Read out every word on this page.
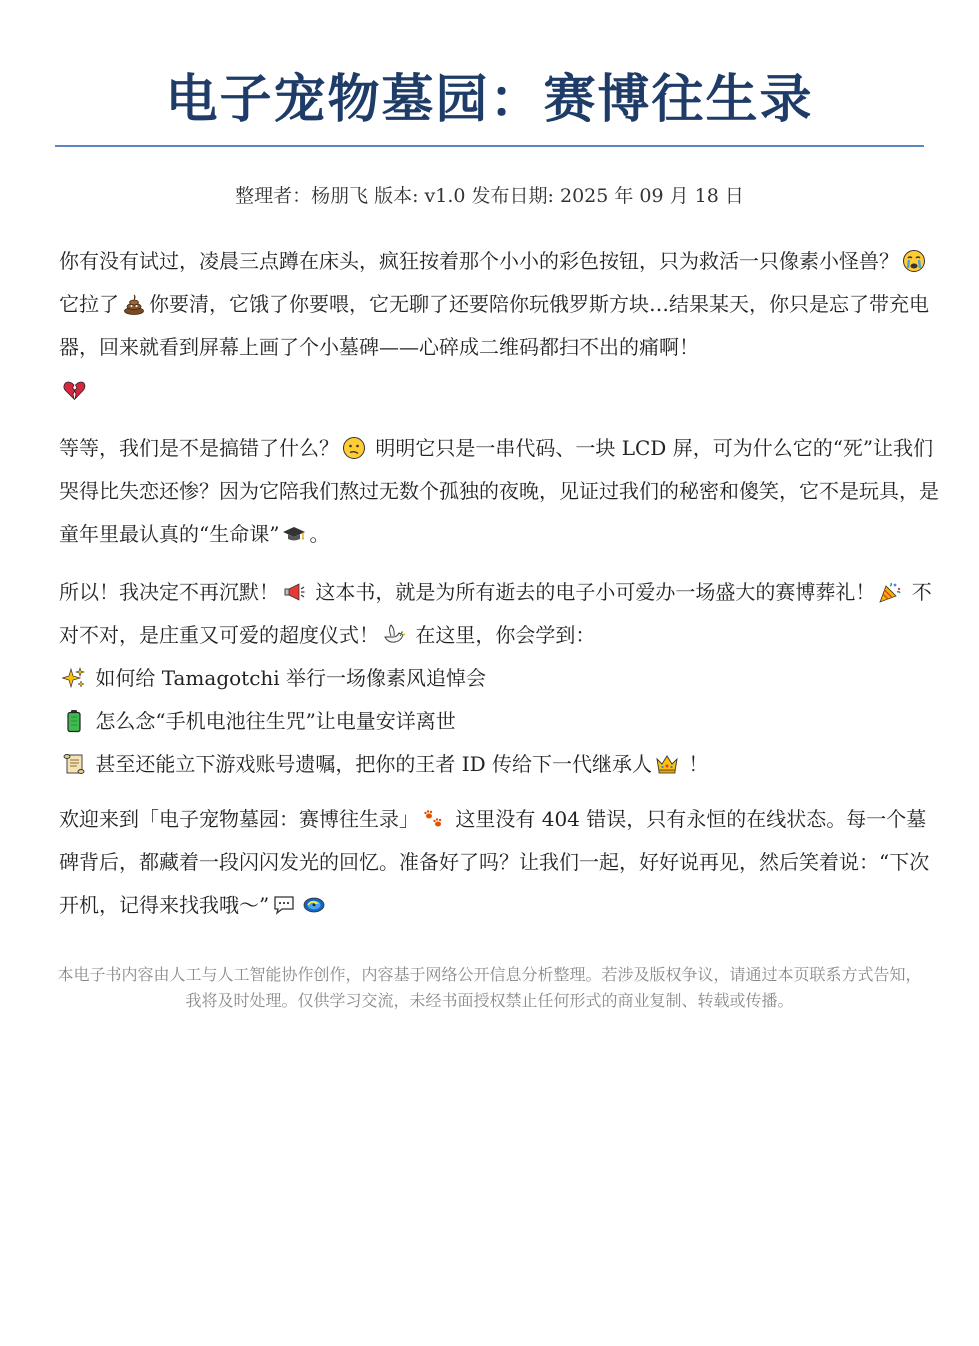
电子宠物墓园：赛博往生录
整理者：杨朋飞 版本: v1.0 发布日期: 2025 年 09 月 18 日

你有没有试过，凌晨三点蹲在床头，疯狂按着那个小小的彩色按钮，只为救活一只像素小怪兽？
它拉了 你要清，它饿了你要喂，它无聊了还要陪你玩俄罗斯方块…结果某天，你只是忘了带充电器，回来就看到屏幕上画了个小墓碑——心碎成二维码都扫不出的痛啊！

等等，我们是不是搞错了什么？
明明它只是一串代码、一块 LCD 屏，可为什么它的“死”让我们哭得比失恋还惨？因为它陪我们熬过无数个孤独的夜晚，见证过我们的秘密和傻笑，它不是玩具，是童年里最认真的“生命课” 。

所以！我决定不再沉默！
这本书，就是为所有逝去的电子小可爱办一场盛大的赛博葬礼！
不对不对，是庄重又可爱的超度仪式！
在这里，你会学到：

如何给 Tamagotchi 举行一场像素风追悼会
怎么念“手机电池往生咒”让电量安详离世
甚至还能立下游戏账号遗嘱，把你的王者 ID 传给下一代继承人
！

欢迎来到「电子宠物墓园：赛博往生录」
这里没有 404 错误，只有永恒的在线状态。每一个墓碑背后，都藏着一段闪闪发光的回忆。准备好了吗？让我们一起，好好说再见，然后笑着说：“下次开机，记得来找我哦～”

本电子书内容由人工与人工智能协作创作，内容基于网络公开信息分析整理。若涉及版权争议，请通过本页联系方式告知，我将及时处理。仅供学习交流，未经书面授权禁止任何形式的商业复制、转载或传播。
